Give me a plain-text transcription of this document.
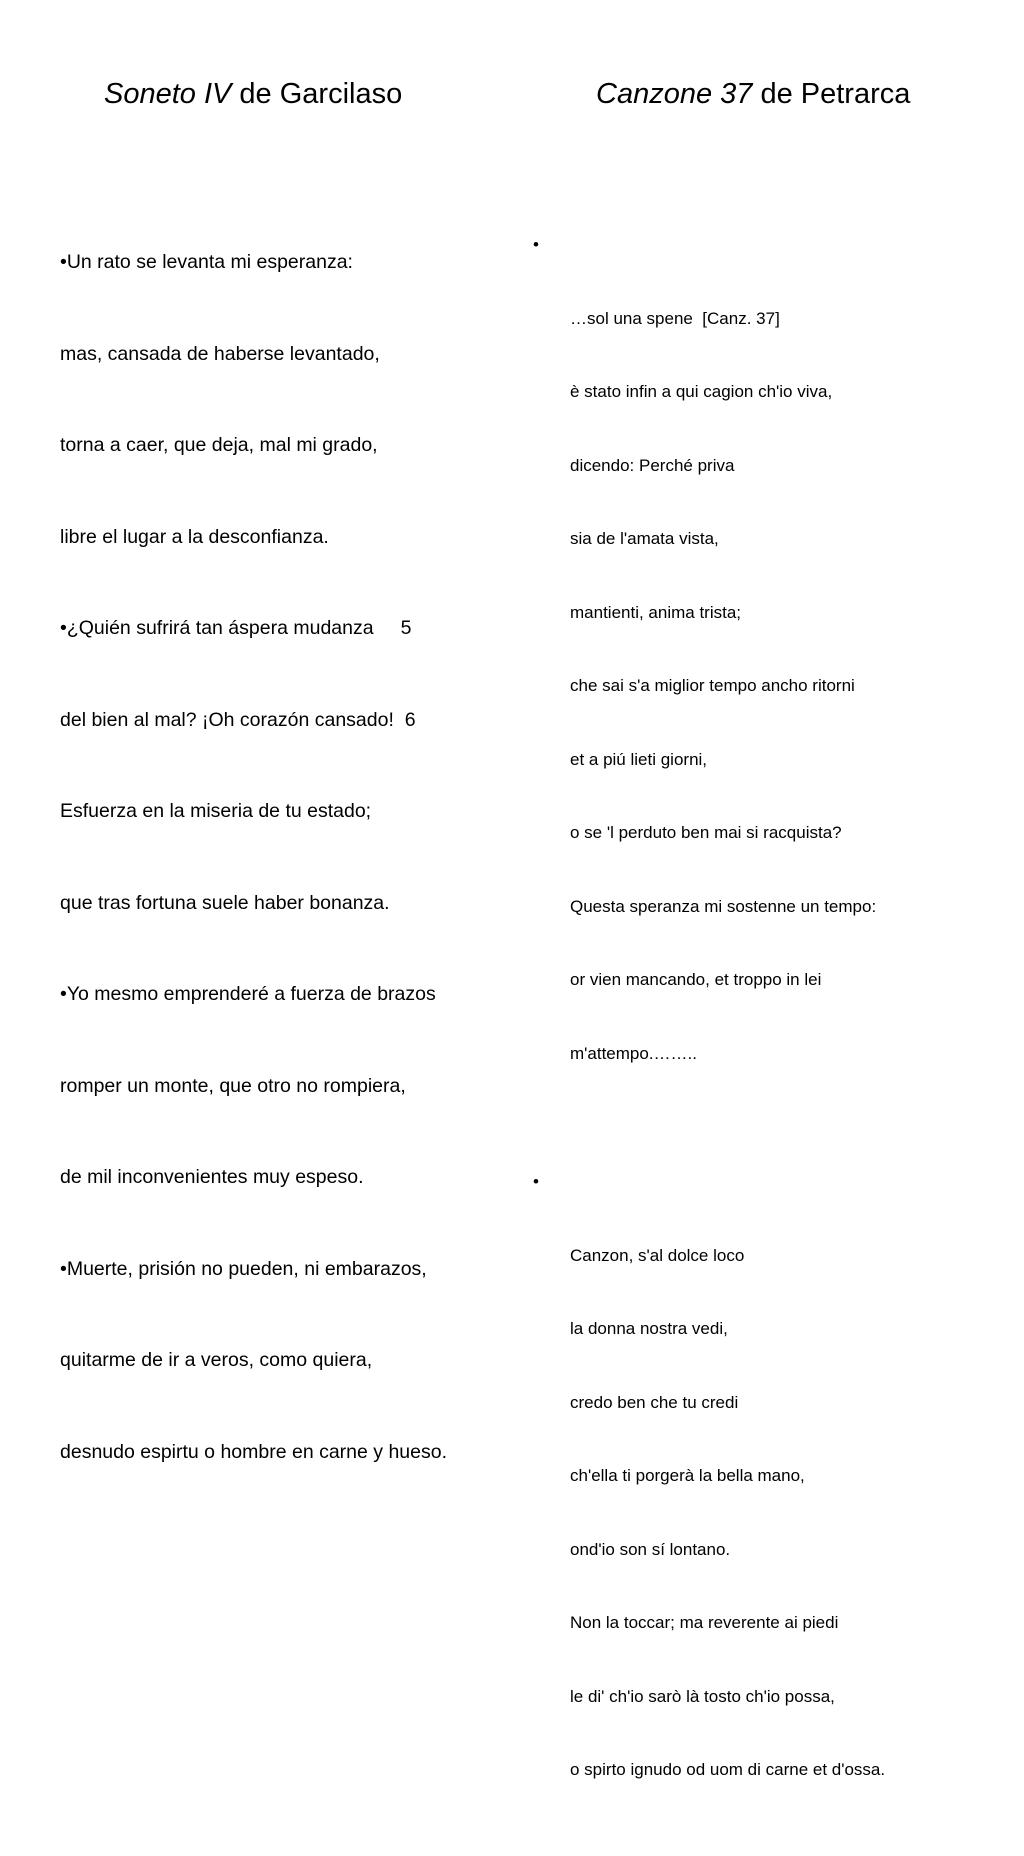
Soneto IV de Garcilaso	Canzone 37 de Petrarca

•Un rato se levanta mi esperanza:

mas, cansada de haberse levantado,

torna a caer, que deja, mal mi grado,

libre el lugar a la desconfianza.

•¿Quién sufrirá tan áspera mudanza     5

del bien al mal? ¡Oh corazón cansado!  6

Esfuerza en la miseria de tu estado;

que tras fortuna suele haber bonanza.

•Yo mesmo emprenderé a fuerza de brazos

romper un monte, que otro no rompiera,

de mil inconvenientes muy espeso.

•Muerte, prisión no pueden, ni embarazos,

quitarme de ir a veros, como quiera,

desnudo espirtu o hombre en carne y hueso.

•

…sol una spene  [Canz. 37]

è stato infin a qui cagion ch'io viva,

dicendo: Perché priva

sia de l'amata vista,

mantienti, anima trista;

che sai s'a miglior tempo ancho ritorni

et a piú lieti giorni,

o se 'l perduto ben mai si racquista?

Questa speranza mi sostenne un tempo:

or vien mancando, et troppo in lei

m'attempo.……..

•

Canzon, s'al dolce loco

la donna nostra vedi,

credo ben che tu credi

ch'ella ti porgerà la bella mano,

ond'io son sí lontano.

Non la toccar; ma reverente ai piedi

le di' ch'io sarò là tosto ch'io possa,

o spirto ignudo od uom di carne et d'ossa.
